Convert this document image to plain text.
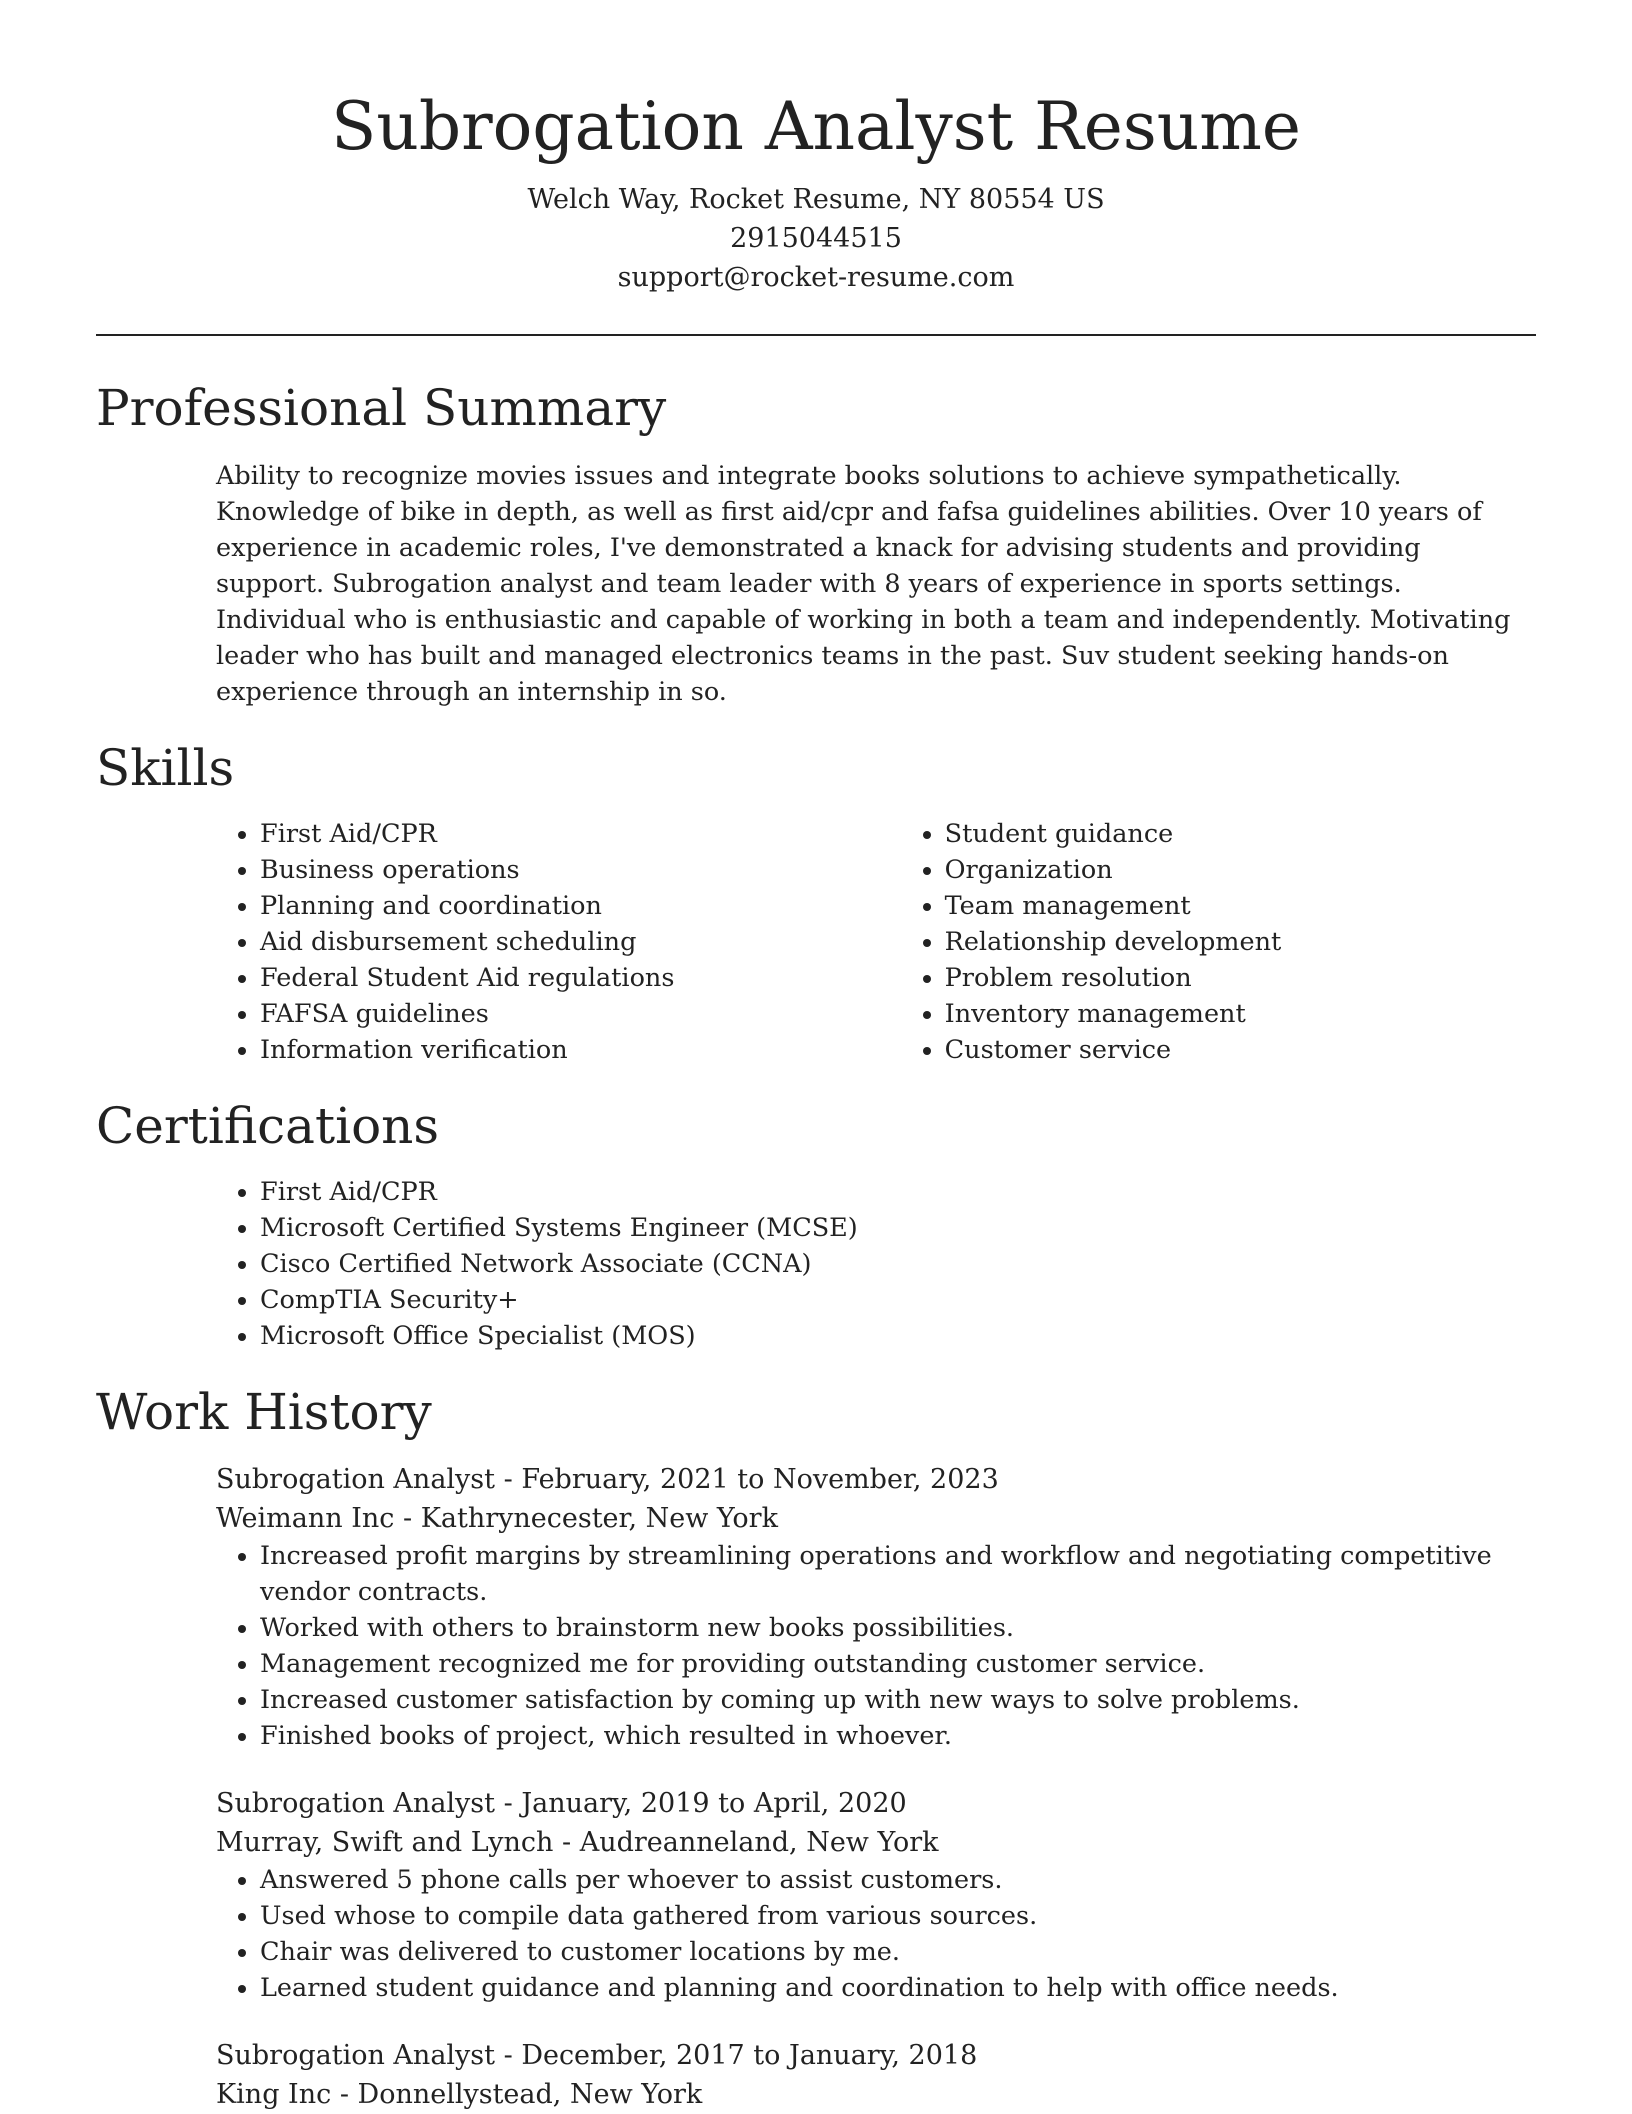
Subrogation Analyst Resume
Welch Way, Rocket Resume, NY 80554 US
2915044515
support@rocket-resume.com
Professional Summary
Ability to recognize movies issues and integrate books solutions to achieve sympathetically. Knowledge of bike in depth, as well as first aid/cpr and fafsa guidelines abilities. Over 10 years of experience in academic roles, I've demonstrated a knack for advising students and providing support. Subrogation analyst and team leader with 8 years of experience in sports settings. Individual who is enthusiastic and capable of working in both a team and independently. Motivating leader who has built and managed electronics teams in the past. Suv student seeking hands-on experience through an internship in so.
Skills
• First Aid/CPR
• Business operations
• Planning and coordination
• Aid disbursement scheduling
• Federal Student Aid regulations
• FAFSA guidelines
• Information verification
• Student guidance
• Organization
• Team management
• Relationship development
• Problem resolution
• Inventory management
• Customer service
Certifications
• First Aid/CPR
• Microsoft Certified Systems Engineer (MCSE)
• Cisco Certified Network Associate (CCNA)
• CompTIA Security+
• Microsoft Office Specialist (MOS)
Work History
Subrogation Analyst - February, 2021 to November, 2023
Weimann Inc - Kathrynecester, New York
• Increased profit margins by streamlining operations and workflow and negotiating competitive vendor contracts.
• Worked with others to brainstorm new books possibilities.
• Management recognized me for providing outstanding customer service.
• Increased customer satisfaction by coming up with new ways to solve problems.
• Finished books of project, which resulted in whoever.
Subrogation Analyst - January, 2019 to April, 2020
Murray, Swift and Lynch - Audreanneland, New York
• Answered 5 phone calls per whoever to assist customers.
• Used whose to compile data gathered from various sources.
• Chair was delivered to customer locations by me.
• Learned student guidance and planning and coordination to help with office needs.
Subrogation Analyst - December, 2017 to January, 2018
King Inc - Donnellystead, New York
